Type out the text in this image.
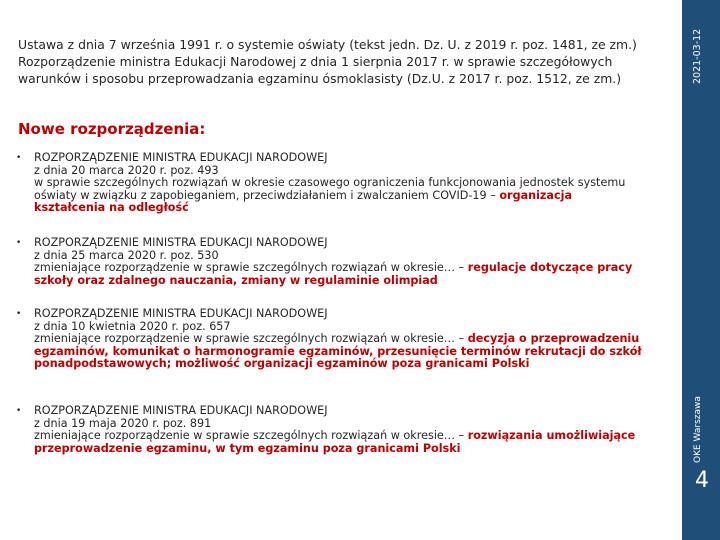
Ustawa z dnia 7 września 1991 r. o systemie oświaty (tekst jedn. Dz. U. z 2019 r. poz. 1481, ze zm.) Rozporządzenie ministra Edukacji Narodowej z dnia 1 sierpnia 2017 r. w sprawie szczegółowych warunków i sposobu przeprowadzania egzaminu ósmoklasisty (Dz.U. z 2017 r. poz. 1512, ze zm.)
Nowe rozporządzenia:
• ROZPORZĄDZENIE MINISTRA EDUKACJI NARODOWEJ
z dnia 20 marca 2020 r. poz. 493
w sprawie szczególnych rozwiązań w okresie czasowego ograniczenia funkcjonowania jednostek systemu oświaty w związku z zapobieganiem, przeciwdziałaniem i zwalczaniem COVID-19 – organizacja kształcenia na odległość
• ROZPORZĄDZENIE MINISTRA EDUKACJI NARODOWEJ
z dnia 25 marca 2020 r. poz. 530
zmieniające rozporządzenie w sprawie szczególnych rozwiązań w okresie… – regulacje dotyczące pracy szkoły oraz zdalnego nauczania, zmiany w regulaminie olimpiad
• ROZPORZĄDZENIE MINISTRA EDUKACJI NARODOWEJ
z dnia 10 kwietnia 2020 r. poz. 657
zmieniające rozporządzenie w sprawie szczególnych rozwiązań w okresie… – decyzja o przeprowadzeniu egzaminów, komunikat o harmonogramie egzaminów, przesunięcie terminów rekrutacji do szkół ponadpodstawowych; możliwość organizacji egzaminów poza granicami Polski
• ROZPORZĄDZENIE MINISTRA EDUKACJI NARODOWEJ
z dnia 19 maja 2020 r. poz. 891
zmieniające rozporządzenie w sprawie szczególnych rozwiązań w okresie… – rozwiązania umożliwiające przeprowadzenie egzaminu, w tym egzaminu poza granicami Polski
2021-03-12
OKE Warszawa
4
